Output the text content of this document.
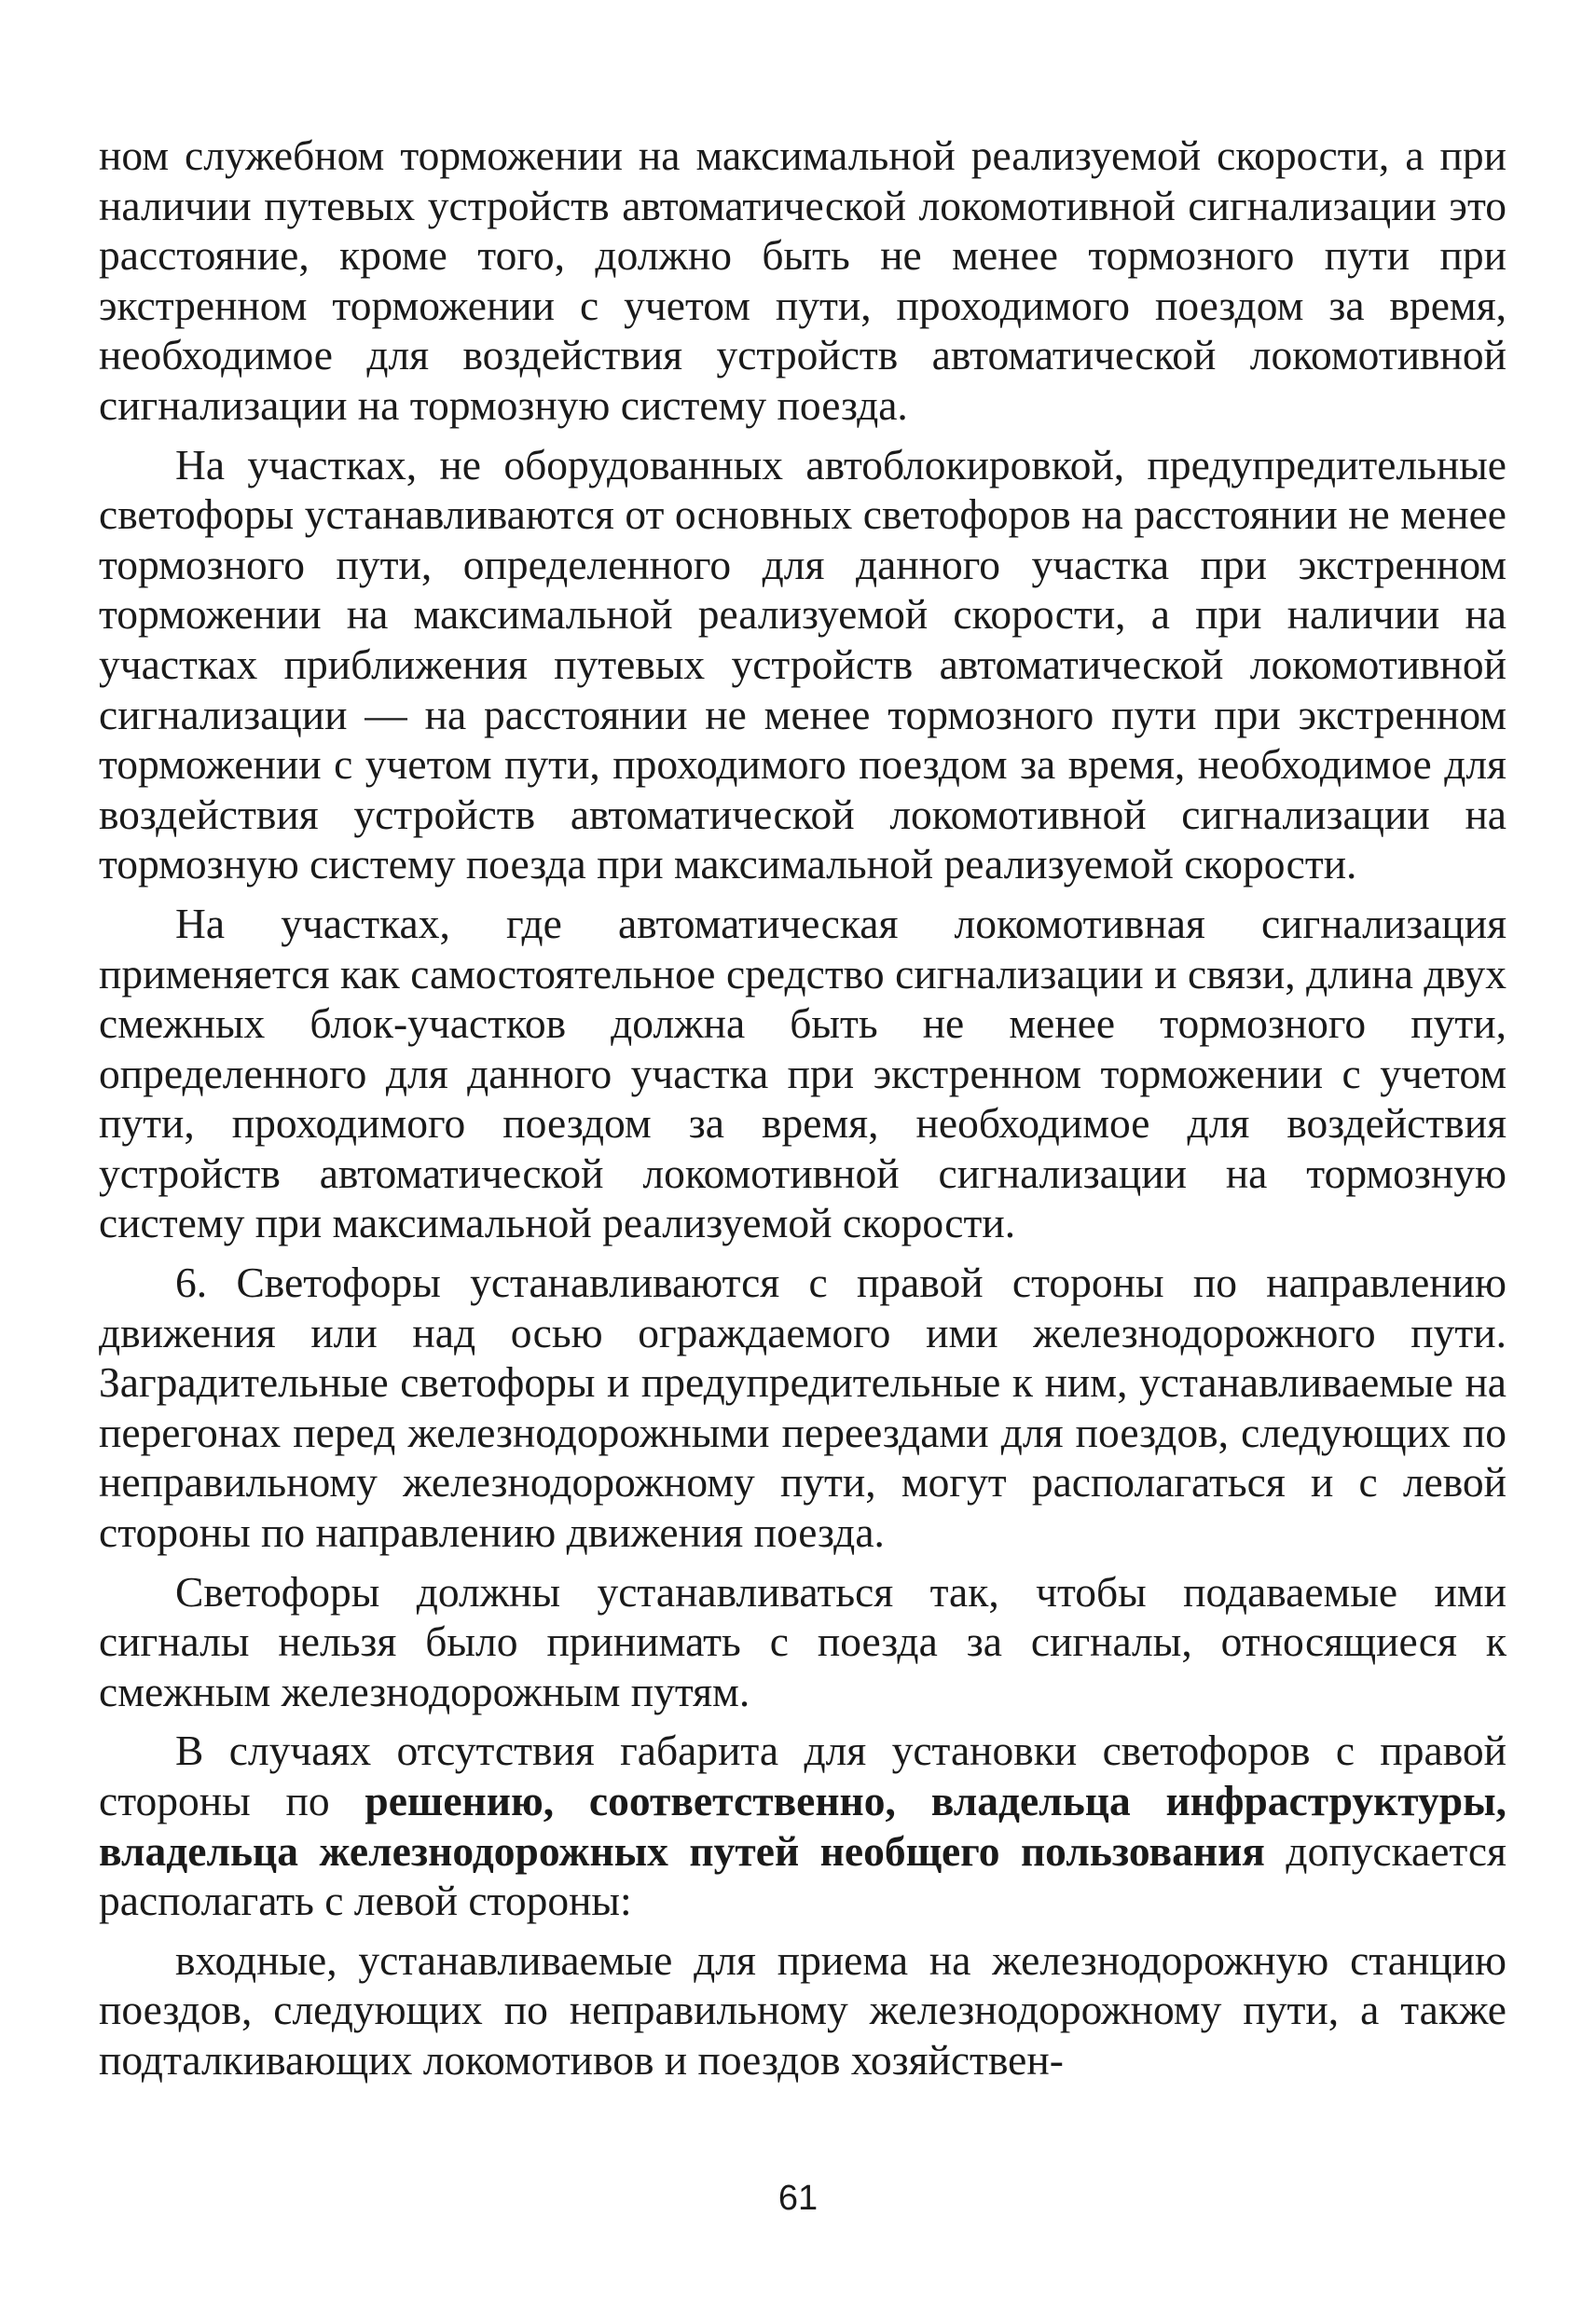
ном служебном торможении на максимальной реализуемой скорости, а при наличии путевых устройств автоматической локомотивной сигнализации это расстояние, кроме того, должно быть не менее тормозного пути при экстренном торможении с учетом пути, проходимого поездом за время, необходимое для воздействия устройств автоматической локомотивной сигнализации на тормозную систему поезда.

На участках, не оборудованных автоблокировкой, предупредительные светофоры устанавливаются от основных светофоров на расстоянии не менее тормозного пути, определенного для данного участка при экстренном торможении на максимальной реализуемой скорости, а при наличии на участках приближения путевых устройств автоматической локомотивной сигнализации — на расстоянии не менее тормозного пути при экстренном торможении с учетом пути, проходимого поездом за время, необходимое для воздействия устройств автоматической локомотивной сигнализации на тормозную систему поезда при максимальной реализуемой скорости.

На участках, где автоматическая локомотивная сигнализация применяется как самостоятельное средство сигнализации и связи, длина двух смежных блок-участков должна быть не менее тормозного пути, определенного для данного участка при экстренном торможении с учетом пути, проходимого поездом за время, необходимое для воздействия устройств автоматической локомотивной сигнализации на тормозную систему при максимальной реализуемой скорости.

6. Светофоры устанавливаются с правой стороны по направлению движения или над осью ограждаемого ими железнодорожного пути. Заградительные светофоры и предупредительные к ним, устанавливаемые на перегонах перед железнодорожными переездами для поездов, следующих по неправильному железнодорожному пути, могут располагаться и с левой стороны по направлению движения поезда.

Светофоры должны устанавливаться так, чтобы подаваемые ими сигналы нельзя было принимать с поезда за сигналы, относящиеся к смежным железнодорожным путям.

В случаях отсутствия габарита для установки светофоров с правой стороны по решению, соответственно, владельца инфраструктуры, владельца железнодорожных путей необщего пользования допускается располагать с левой стороны:

входные, устанавливаемые для приема на железнодорожную станцию поездов, следующих по неправильному железнодорожному пути, а также подталкивающих локомотивов и поездов хозяйствен-

61
